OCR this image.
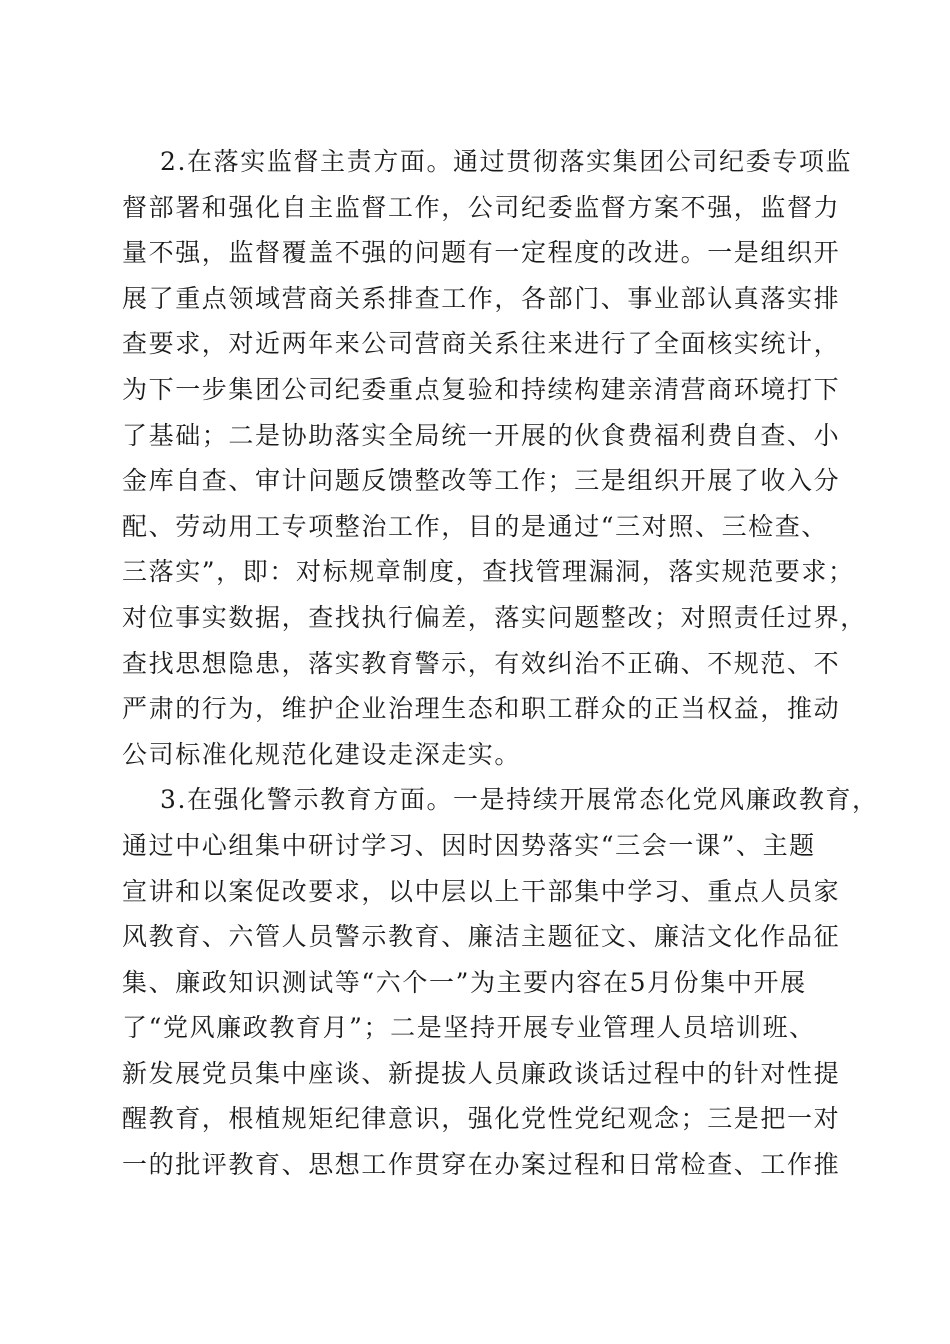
2.在落实监督主责方面。通过贯彻落实集团公司纪委专项监
督部署和强化自主监督工作，公司纪委监督方案不强，监督力
量不强，监督覆盖不强的问题有一定程度的改进。一是组织开
展了重点领域营商关系排查工作，各部门、事业部认真落实排
查要求，对近两年来公司营商关系往来进行了全面核实统计，
为下一步集团公司纪委重点复验和持续构建亲清营商环境打下
了基础；二是协助落实全局统一开展的伙食费福利费自查、小
金库自查、审计问题反馈整改等工作；三是组织开展了收入分
配、劳动用工专项整治工作，目的是通过“三对照、三检查、
三落实”，即：对标规章制度，查找管理漏洞，落实规范要求；
对位事实数据，查找执行偏差，落实问题整改；对照责任过界，
查找思想隐患，落实教育警示，有效纠治不正确、不规范、不
严肃的行为，维护企业治理生态和职工群众的正当权益，推动
公司标准化规范化建设走深走实。
3.在强化警示教育方面。一是持续开展常态化党风廉政教育，
通过中心组集中研讨学习、因时因势落实“三会一课”、主题
宣讲和以案促改要求，以中层以上干部集中学习、重点人员家
风教育、六管人员警示教育、廉洁主题征文、廉洁文化作品征
集、廉政知识测试等“六个一”为主要内容在5月份集中开展
了“党风廉政教育月”；二是坚持开展专业管理人员培训班、
新发展党员集中座谈、新提拔人员廉政谈话过程中的针对性提
醒教育，根植规矩纪律意识，强化党性党纪观念；三是把一对
一的批评教育、思想工作贯穿在办案过程和日常检查、工作推
